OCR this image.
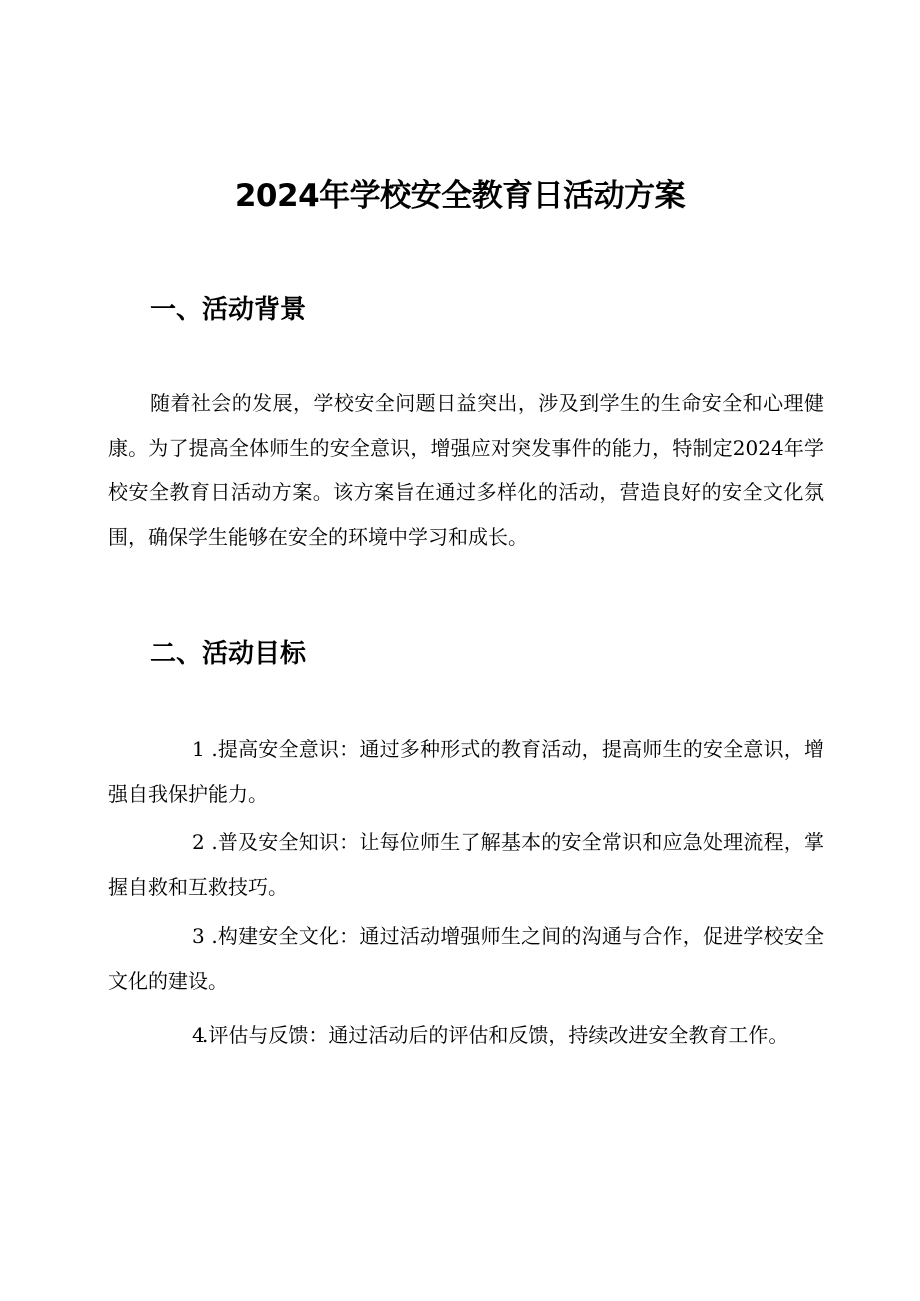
2024年学校安全教育日活动方案
一、活动背景

随着社会的发展，学校安全问题日益突出，涉及到学生的生命安全和心理健康。为了提高全体师生的安全意识，增强应对突发事件的能力，特制定2024年学校安全教育日活动方案。该方案旨在通过多样化的活动，营造良好的安全文化氛围，确保学生能够在安全的环境中学习和成长。

二、活动目标

1 .提高安全意识：通过多种形式的教育活动，提高师生的安全意识，增强自我保护能力。

2 .普及安全知识：让每位师生了解基本的安全常识和应急处理流程，掌握自救和互救技巧。

3 .构建安全文化：通过活动增强师生之间的沟通与合作，促进学校安全文化的建设。

4.评估与反馈：通过活动后的评估和反馈，持续改进安全教育工作。
